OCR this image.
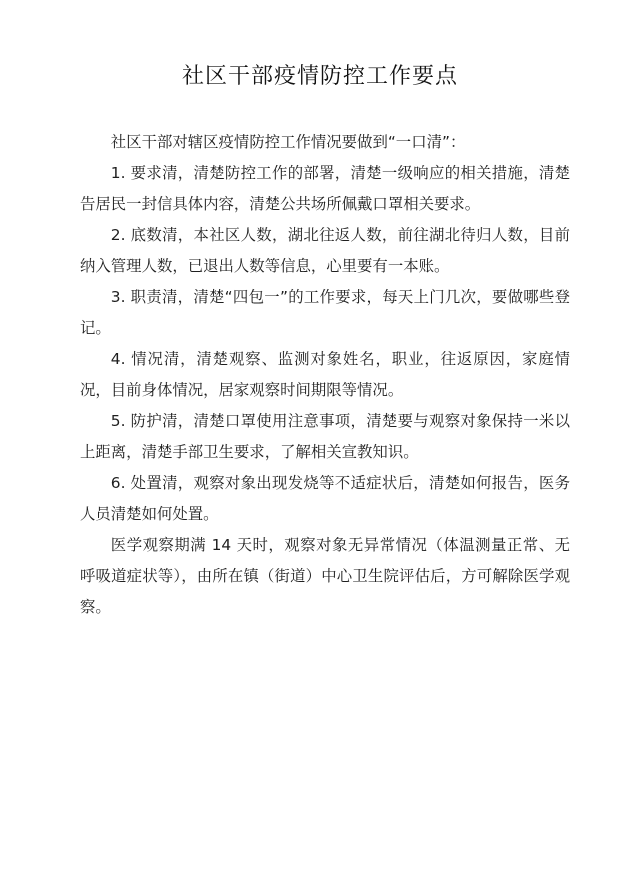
社区干部疫情防控工作要点

社区干部对辖区疫情防控工作情况要做到“一口清”：

1. 要求清，清楚防控工作的部署，清楚一级响应的相关措施，清楚告居民一封信具体内容，清楚公共场所佩戴口罩相关要求。

2. 底数清，本社区人数，湖北往返人数，前往湖北待归人数，目前纳入管理人数，已退出人数等信息，心里要有一本账。

3. 职责清，清楚“四包一”的工作要求，每天上门几次，要做哪些登记。

4. 情况清，清楚观察、监测对象姓名，职业，往返原因，家庭情况，目前身体情况，居家观察时间期限等情况。

5. 防护清，清楚口罩使用注意事项，清楚要与观察对象保持一米以上距离，清楚手部卫生要求，了解相关宣教知识。

6. 处置清，观察对象出现发烧等不适症状后，清楚如何报告，医务人员清楚如何处置。

医学观察期满 14 天时，观察对象无异常情况（体温测量正常、无呼吸道症状等），由所在镇（街道）中心卫生院评估后，方可解除医学观察。
